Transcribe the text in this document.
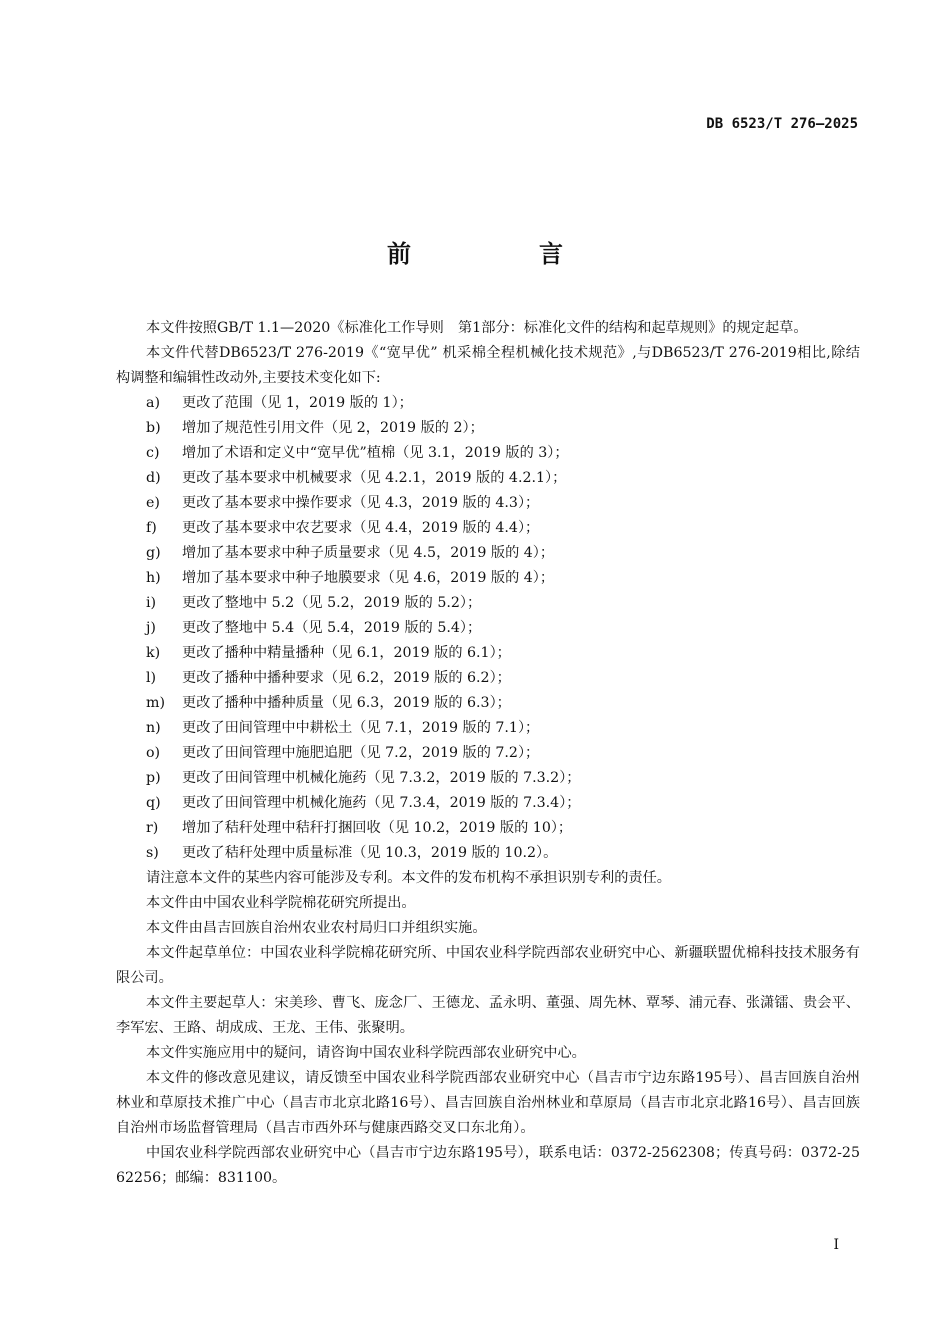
DB 6523/T 276—2025
前　言

本文件按照GB/T 1.1—2020《标准化工作导则　第1部分：标准化文件的结构和起草规则》的规定起草。

本文件代替DB6523/T 276-2019《“宽早优” 机采棉全程机械化技术规范》,与DB6523/T 276-2019相比,除结构调整和编辑性改动外,主要技术变化如下:

a)	更改了范围（见 1，2019 版的 1）；
b)	增加了规范性引用文件（见 2，2019 版的 2）；
c)	增加了术语和定义中“宽早优”植棉（见 3.1，2019 版的 3）；
d)	更改了基本要求中机械要求（见 4.2.1，2019 版的 4.2.1）；
e)	更改了基本要求中操作要求（见 4.3，2019 版的 4.3）；
f)	更改了基本要求中农艺要求（见 4.4，2019 版的 4.4）；
g)	增加了基本要求中种子质量要求（见 4.5，2019 版的 4）；
h)	增加了基本要求中种子地膜要求（见 4.6，2019 版的 4）；
i)	更改了整地中 5.2（见 5.2，2019 版的 5.2）；
j)	更改了整地中 5.4（见 5.4，2019 版的 5.4）；
k)	更改了播种中精量播种（见 6.1，2019 版的 6.1）；
l)	更改了播种中播种要求（见 6.2，2019 版的 6.2）；
m)	更改了播种中播种质量（见 6.3，2019 版的 6.3）；
n)	更改了田间管理中中耕松土（见 7.1，2019 版的 7.1）；
o)	更改了田间管理中施肥追肥（见 7.2，2019 版的 7.2）；
p)	更改了田间管理中机械化施药（见 7.3.2，2019 版的 7.3.2）；
q)	更改了田间管理中机械化施药（见 7.3.4，2019 版的 7.3.4）；
r)	增加了秸秆处理中秸秆打捆回收（见 10.2，2019 版的 10）；
s)	更改了秸秆处理中质量标准（见 10.3，2019 版的 10.2）。

请注意本文件的某些内容可能涉及专利。本文件的发布机构不承担识别专利的责任。

本文件由中国农业科学院棉花研究所提出。

本文件由昌吉回族自治州农业农村局归口并组织实施。

本文件起草单位：中国农业科学院棉花研究所、中国农业科学院西部农业研究中心、新疆联盟优棉科技技术服务有限公司。

本文件主要起草人：宋美珍、曹飞、庞念厂、王德龙、孟永明、董强、周先林、覃琴、浦元春、张潇镭、贵会平、李军宏、王路、胡成成、王龙、王伟、张聚明。

本文件实施应用中的疑问，请咨询中国农业科学院西部农业研究中心。

本文件的修改意见建议，请反馈至中国农业科学院西部农业研究中心（昌吉市宁边东路195号）、昌吉回族自治州林业和草原技术推广中心（昌吉市北京北路16号）、昌吉回族自治州林业和草原局（昌吉市北京北路16号）、昌吉回族自治州市场监督管理局（昌吉市西外环与健康西路交叉口东北角）。

中国农业科学院西部农业研究中心（昌吉市宁边东路195号），联系电话：0372-2562308；传真号码：0372-2562256；邮编：831100。

I
